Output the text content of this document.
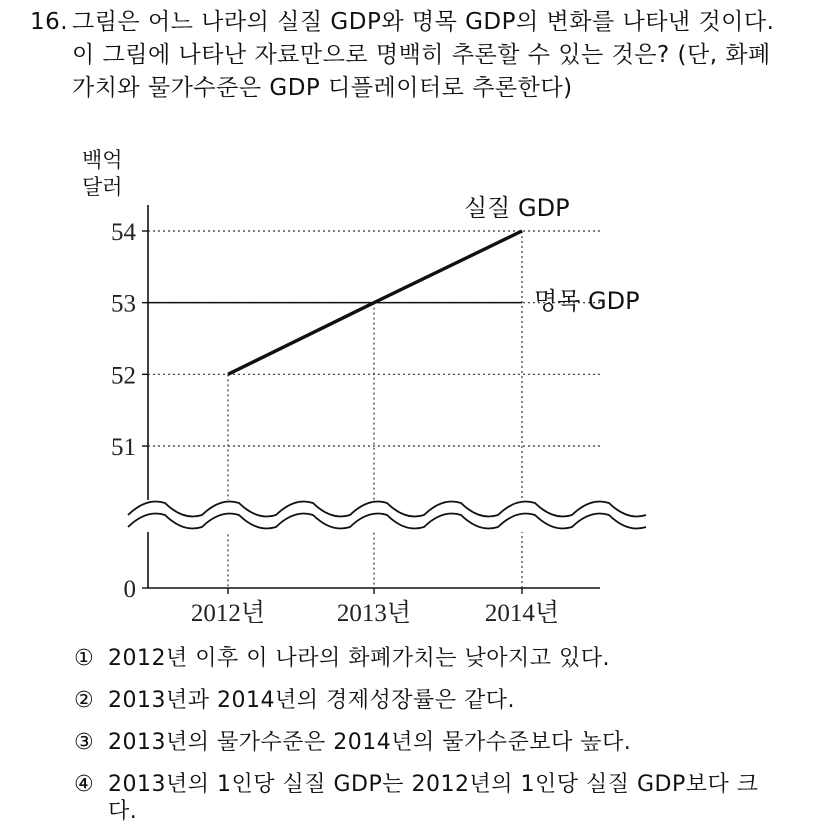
16. 그림은 어느 나라의 실질 GDP와 명목 GDP의 변화를 나타낸 것이다. 이 그림에 나타난 자료만으로 명백히 추론할 수 있는 것은? (단, 화폐가치와 물가수준은 GDP 디플레이터로 추론한다)
백억
달러
54
53
52
51
0
2012년	2013년	2014년
실질 GDP
명목 GDP
① 2012년 이후 이 나라의 화폐가치는 낮아지고 있다.
② 2013년과 2014년의 경제성장률은 같다.
③ 2013년의 물가수준은 2014년의 물가수준보다 높다.
④ 2013년의 1인당 실질 GDP는 2012년의 1인당 실질 GDP보다 크다.
